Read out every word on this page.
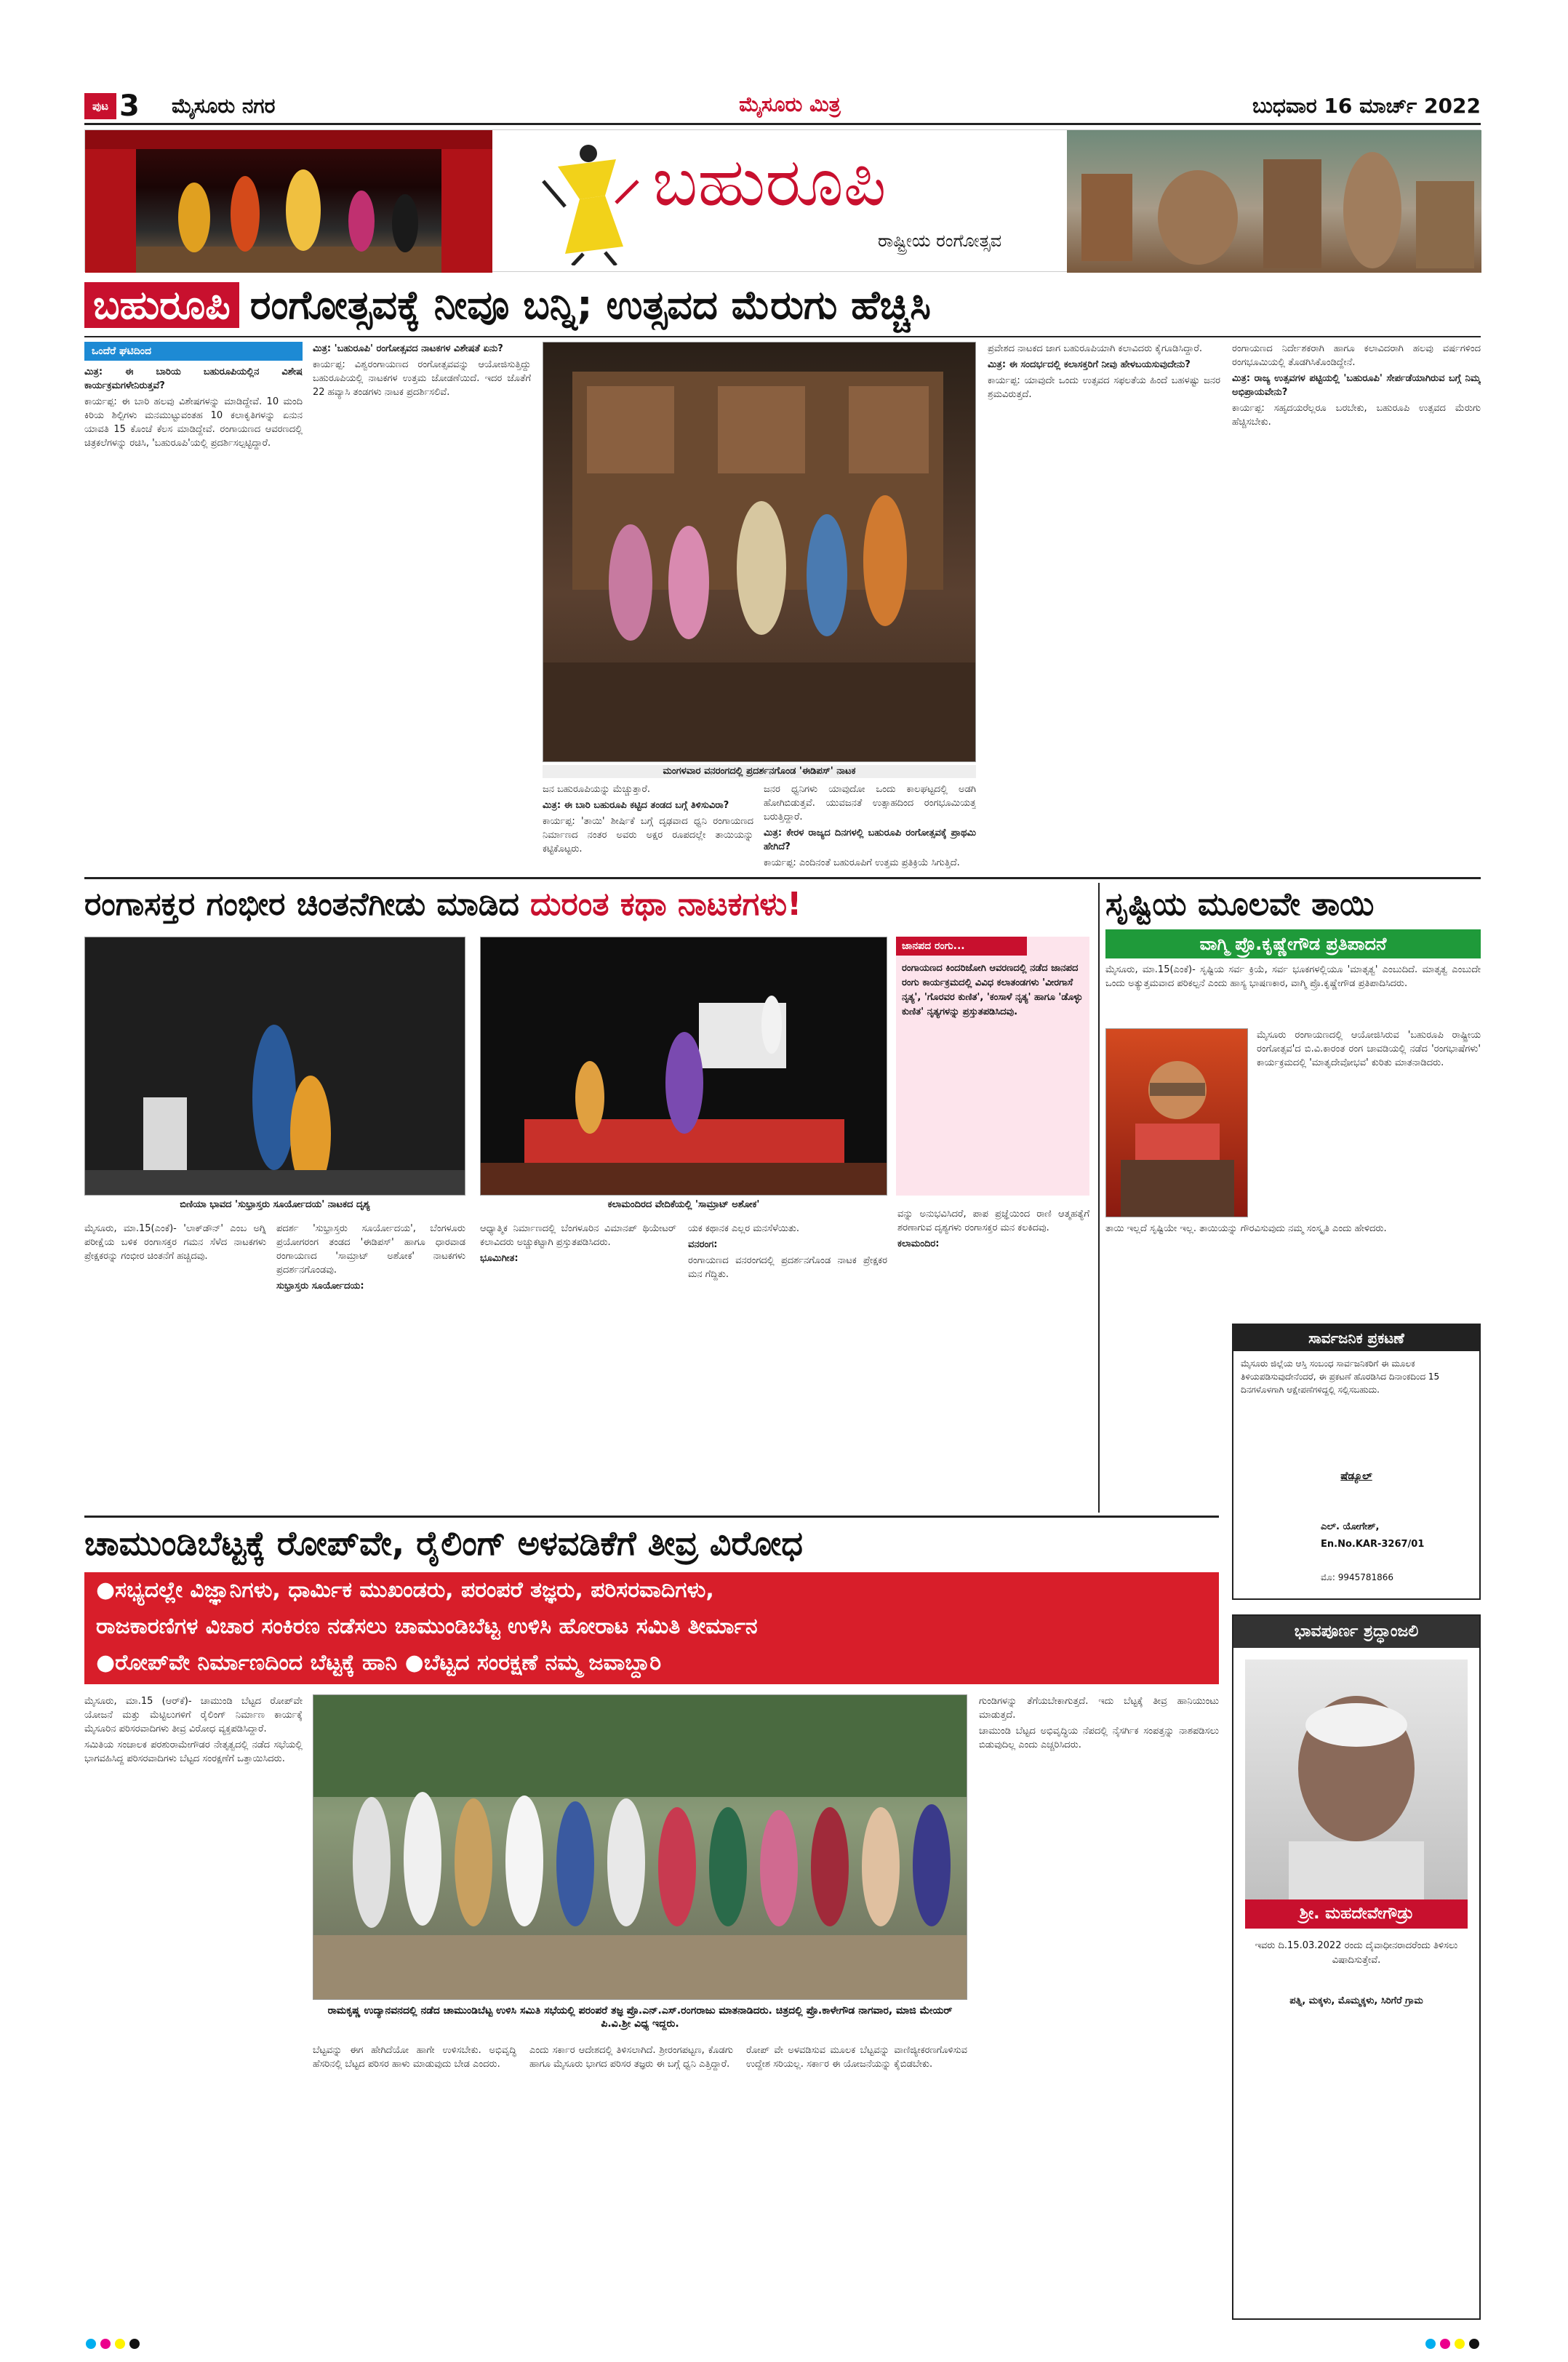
ಪುಟ 3	ಮೈಸೂರು ನಗರ	ಮೈಸೂರು ಮಿತ್ರ	ಬುಧವಾರ 16 ಮಾರ್ಚ್ 2022
ಬಹುರೂಪಿ
ರಾಷ್ಟ್ರೀಯ ರಂಗೋತ್ಸವ
ಬಹುರೂಪಿ ರಂಗೋತ್ಸವಕ್ಕೆ ನೀವೂ ಬನ್ನಿ; ಉತ್ಸವದ ಮೆರುಗು ಹೆಚ್ಚಿಸಿ
ಒಂದೆರೆ ಘಟಿದಿಂದ

ಮಿತ್ರ: ಈ ಬಾರಿಯ ಬಹುರೂಪಿಯಲ್ಲಿನ ವಿಶೇಷ ಕಾರ್ಯಕ್ರಮಗಳೇನಿರುತ್ತವೆ?

ಕಾರ್ಯಪ್ಪ: ಈ ಬಾರಿ ಹಲವು ವಿಶೇಷಗಳನ್ನು ಮಾಡಿದ್ದೇವೆ. 10 ಮಂದಿ ಕಿರಿಯ ಶಿಲ್ಪಿಗಳು ಮನಮುಟ್ಟುವಂತಹ 10 ಕಲಾಕೃತಿಗಳನ್ನು ಏನುನ ಯಾವತಿ 15 ಕೊಂಚೆ ಕೆಲಸ ಮಾಡಿದ್ದೇವೆ. ರಂಗಾಯಣದ ಆವರಣದಲ್ಲಿ ಚಿತ್ರಕಲೆಗಳನ್ನು ರಚಿಸಿ, 'ಬಹುರೂಪಿ'ಯಲ್ಲಿ ಪ್ರದರ್ಶಿಸಲ್ಪಟ್ಟಿದ್ದಾರೆ.

ಮಿತ್ರ: 'ಬಹುರೂಪಿ' ರಂಗೋತ್ಸವದ ನಾಟಕಗಳ ವಿಶೇಷತೆ ಏನು?

ಕಾರ್ಯಪ್ಪ: ವಿಶ್ವರಂಗಾಯಣದ ರಂಗೋತ್ಸವವನ್ನು ಆಯೋಜಿಸುತ್ತಿದ್ದು ಬಹುರೂಪಿಯಲ್ಲಿ ನಾಟಕಗಳ ಉತ್ತಮ ಜೋಡಣೆಯಿದೆ. ಇದರ ಜೊತೆಗೆ 22 ಹವ್ಯಾಸಿ ತಂಡಗಳು ನಾಟಕ ಪ್ರದರ್ಶಿಸಲಿವೆ.

ಮಂಗಳವಾರ ವನರಂಗದಲ್ಲಿ ಪ್ರದರ್ಶನಗೊಂಡ 'ಈಡಿಪಸ್' ನಾಟಕ

ಜನ ಬಹುರೂಪಿಯನ್ನು ಮೆಚ್ಚುತ್ತಾರೆ.

ಮಿತ್ರ: ಈ ಬಾರಿ ಬಹುರೂಪಿ ಕಟ್ಟಿದ ತಂಡದ ಬಗ್ಗೆ ತಿಳಿಸುವಿರಾ?

ಕಾರ್ಯಪ್ಪ: 'ತಾಯಿ' ಶೀರ್ಷಿಕೆ ಬಗ್ಗೆ ದೃಢವಾದ ಧ್ವನಿ ರಂಗಾಯಣದ ನಿರ್ಮಾಣದ ನಂತರ ಅವರು ಅಕ್ಷರ ರೂಪದಲ್ಲೇ ತಾಯಿಯನ್ನು ಕಟ್ಟಿಕೊಟ್ಟರು.

ಜನರ ಧ್ವನಿಗಳು ಯಾವುದೋ ಒಂದು ಕಾಲಘಟ್ಟದಲ್ಲಿ ಅಡಗಿ ಹೋಗಿಬಿಡುತ್ತವೆ. ಯುವಜನತೆ ಉತ್ಸಾಹದಿಂದ ರಂಗಭೂಮಿಯತ್ತ ಬರುತ್ತಿದ್ದಾರೆ.

ಮಿತ್ರ: ಕೇರಳ ರಾಜ್ಯದ ದಿನಗಳಲ್ಲಿ ಬಹುರೂಪಿ ರಂಗೋತ್ಸವಕ್ಕೆ ಪ್ರಾಥಮಿ ಹೇಗಿದೆ?

ಕಾರ್ಯಪ್ಪ: ಎಂದಿನಂತೆ ಬಹುರೂಪಿಗೆ ಉತ್ತಮ ಪ್ರತಿಕ್ರಿಯೆ ಸಿಗುತ್ತಿದೆ.

ಪ್ರವೇಶದ ನಾಟಕದ ಜಾಗ ಬಹುರೂಪಿಯಾಗಿ ಕಲಾವಿದರು ಕೈಗೂಡಿಸಿದ್ದಾರೆ.

ಮಿತ್ರ: ಈ ಸಂದರ್ಭದಲ್ಲಿ ಕಲಾಸಕ್ತರಿಗೆ ನೀವು ಹೇಳಬಯಸುವುದೇನು?

ಕಾರ್ಯಪ್ಪ: ಯಾವುದೇ ಒಂದು ಉತ್ಸವದ ಸಫಲತೆಯ ಹಿಂದೆ ಬಹಳಷ್ಟು ಜನರ ಶ್ರಮವಿರುತ್ತದೆ.

ರಂಗಾಯಣದ ನಿರ್ದೇಶಕರಾಗಿ ಹಾಗೂ ಕಲಾವಿದರಾಗಿ ಹಲವು ವರ್ಷಗಳಿಂದ ರಂಗಭೂಮಿಯಲ್ಲಿ ತೊಡಗಿಸಿಕೊಂಡಿದ್ದೇನೆ.

ಮಿತ್ರ: ರಾಜ್ಯ ಉತ್ಸವಗಳ ಪಟ್ಟಿಯಲ್ಲಿ 'ಬಹುರೂಪಿ' ಸೇರ್ಪಡೆಯಾಗಿರುವ ಬಗ್ಗೆ ನಿಮ್ಮ ಅಭಿಪ್ರಾಯವೇನು?

ಕಾರ್ಯಪ್ಪ: ಸಹೃದಯರೆಲ್ಲರೂ ಬರಬೇಕು, ಬಹುರೂಪಿ ಉತ್ಸವದ ಮೆರುಗು ಹೆಚ್ಚಿಸಬೇಕು.

ರಂಗಾಸಕ್ತರ ಗಂಭೀರ ಚಿಂತನೆಗೀಡು ಮಾಡಿದ ದುರಂತ ಕಥಾ ನಾಟಕಗಳು!
ಬಿಣಿಯಾ ಭಾವದ 'ಸುಭ್ರಾಸ್ತರು ಸೂರ್ಯೋದಯ' ನಾಟಕದ ದೃಶ್ಯ	ಕಲಾಮಂದಿರದ ವೇದಿಕೆಯಲ್ಲಿ 'ಸಾಮ್ರಾಟ್ ಅಶೋಕ'
ಜಾನಪದ ರಂಗು...
ರಂಗಾಯಣದ ಕಿಂದರಿಜೋಗಿ ಆವರಣದಲ್ಲಿ ನಡೆದ ಜಾನಪದ ರಂಗು ಕಾರ್ಯಕ್ರಮದಲ್ಲಿ ವಿವಿಧ ಕಲಾತಂಡಗಳು 'ವೀರಗಾಸೆ ನೃತ್ಯ', 'ಗೊರವರ ಕುಣಿತ', 'ಕಂಸಾಳೆ ನೃತ್ಯ' ಹಾಗೂ 'ಡೊಳ್ಳು ಕುಣಿತ' ನೃತ್ಯಗಳನ್ನು ಪ್ರಸ್ತುತಪಡಿಸಿದವು.

ಮೈಸೂರು, ಮಾ.15(ಎಂಕೆ)- 'ಲಾಕ್‌ಡೌನ್' ಎಂಬ ಅಗ್ನಿ ಪರೀಕ್ಷೆಯ ಬಳಿಕ ರಂಗಾಸಕ್ತರ ಗಮನ ಸೆಳೆದ ನಾಟಕಗಳು ಪ್ರೇಕ್ಷಕರನ್ನು ಗಂಭೀರ ಚಿಂತನೆಗೆ ಹಚ್ಚಿದವು.

ಪದರ್ಶ 'ಸುಭ್ರಾಸ್ತರು ಸೂರ್ಯೋದಯ', ಬೆಂಗಳೂರು ಪ್ರಯೋಗರಂಗ ತಂಡದ 'ಈಡಿಪಸ್' ಹಾಗೂ ಧಾರವಾಡ ರಂಗಾಯಣದ 'ಸಾಮ್ರಾಟ್ ಅಶೋಕ' ನಾಟಕಗಳು ಪ್ರದರ್ಶನಗೊಂಡವು.

ಸುಭ್ರಾಸ್ತರು ಸೂರ್ಯೋದಯ:

ಆಧ್ಯಾತ್ಮಿಕ ನಿರ್ಮಾಣದಲ್ಲಿ ಬೆಂಗಳೂರಿನ ವಿಮಾನಪ್ ಥಿಯೇಟರ್ ಕಲಾವಿದರು ಅಚ್ಚುಕಟ್ಟಾಗಿ ಪ್ರಸ್ತುತಪಡಿಸಿದರು.

ಭೂಮಿಗೀತ:

ಯಕ ಕಥಾನಕ ಎಲ್ಲರ ಮನಸೆಳೆಯಿತು.

ವನರಂಗ:

ರಂಗಾಯಣದ ವನರಂಗದಲ್ಲಿ ಪ್ರದರ್ಶನಗೊಂಡ ನಾಟಕ ಪ್ರೇಕ್ಷಕರ ಮನ ಗೆದ್ದಿತು.

ವನ್ನು ಅನುಭವಿಸಿದರೆ, ಪಾಪ ಪ್ರಜ್ಞೆಯಿಂದ ರಾಣಿ ಆತ್ಮಹತ್ಯೆಗೆ ಶರಣಾಗುವ ದೃಶ್ಯಗಳು ರಂಗಾಸಕ್ತರ ಮನ ಕಲಕಿದವು.

ಕಲಾಮಂದಿರ:

ಸೃಷ್ಟಿಯ ಮೂಲವೇ ತಾಯಿ
ವಾಗ್ಮಿ ಪ್ರೊ.ಕೃಷ್ಣೇಗೌಡ ಪ್ರತಿಪಾದನೆ

ಮೈಸೂರು, ಮಾ.15(ಎಂಕೆ)- ಸೃಷ್ಟಿಯ ಸರ್ವ ಕ್ರಿಯೆ, ಸರ್ವ ಭೂಕಗಳಲ್ಲಿಯೂ 'ಮಾತೃತ್ವ' ಎಂಬುದಿದೆ. ಮಾತೃತ್ವ ಎಂಬುದೇ ಒಂದು ಅತ್ಯುತ್ತಮವಾದ ಪರಿಕಲ್ಪನೆ ಎಂದು ಹಾಸ್ಯ ಭಾಷಣಕಾರ, ವಾಗ್ಮಿ ಪ್ರೊ.ಕೃಷ್ಣೇಗೌಡ ಪ್ರತಿಪಾದಿಸಿದರು.

ಮೈಸೂರು ರಂಗಾಯಣದಲ್ಲಿ ಆಯೋಜಿಸಿರುವ 'ಬಹುರೂಪಿ ರಾಷ್ಟ್ರೀಯ ರಂಗೋತ್ಸವ'ದ ಬಿ.ವಿ.ಕಾರಂತ ರಂಗ ಚಾವಡಿಯಲ್ಲಿ ನಡೆದ 'ರಂಗಭಾಷೆಗಳು' ಕಾರ್ಯಕ್ರಮದಲ್ಲಿ 'ಮಾತೃದೇವೋಭವ' ಕುರಿತು ಮಾತನಾಡಿದರು.

ತಾಯಿ ಇಲ್ಲದೆ ಸೃಷ್ಟಿಯೇ ಇಲ್ಲ. ತಾಯಿಯನ್ನು ಗೌರವಿಸುವುದು ನಮ್ಮ ಸಂಸ್ಕೃತಿ ಎಂದು ಹೇಳಿದರು.

ಸಾರ್ವಜನಿಕ ಪ್ರಕಟಣೆ
ಮೈಸೂರು ಜಿಲ್ಲೆಯ ಆಸ್ತಿ ಸಂಬಂಧ ಸಾರ್ವಜನಿಕರಿಗೆ ಈ ಮೂಲಕ ತಿಳಿಯಪಡಿಸುವುದೇನೆಂದರೆ, ಈ ಪ್ರಕಟಣೆ ಹೊರಡಿಸಿದ ದಿನಾಂಕದಿಂದ 15 ದಿನಗಳೊಳಗಾಗಿ ಆಕ್ಷೇಪಣೆಗಳಿದ್ದಲ್ಲಿ ಸಲ್ಲಿಸಬಹುದು.
ಷೆಡ್ಯೂಲ್
ಎಲ್. ಯೋಗೇಶ್,
En.No.KAR-3267/01
ಮೊ: 9945781866
ಚಾಮುಂಡಿಬೆಟ್ಟಕ್ಕೆ ರೋಪ್‌ವೇ, ರೈಲಿಂಗ್ ಅಳವಡಿಕೆಗೆ ತೀವ್ರ ವಿರೋಧ
●ಸಭ್ಯದಲ್ಲೇ ವಿಜ್ಞಾನಿಗಳು, ಧಾರ್ಮಿಕ ಮುಖಂಡರು, ಪರಂಪರೆ ತಜ್ಞರು, ಪರಿಸರವಾದಿಗಳು,
ರಾಜಕಾರಣಿಗಳ ವಿಚಾರ ಸಂಕಿರಣ ನಡೆಸಲು ಚಾಮುಂಡಿಬೆಟ್ಟ ಉಳಿಸಿ ಹೋರಾಟ ಸಮಿತಿ ತೀರ್ಮಾನ
●ರೋಪ್‌ವೇ ನಿರ್ಮಾಣದಿಂದ ಬೆಟ್ಟಕ್ಕೆ ಹಾನಿ ●ಬೆಟ್ಟದ ಸಂರಕ್ಷಣೆ ನಮ್ಮ ಜವಾಬ್ದಾರಿ

ಮೈಸೂರು, ಮಾ.15 (ಆರ್‌ಕೆ)- ಚಾಮುಂಡಿ ಬೆಟ್ಟದ ರೋಪ್‌ವೇ ಯೋಜನೆ ಮತ್ತು ಮೆಟ್ಟಿಲುಗಳಿಗೆ ರೈಲಿಂಗ್ ನಿರ್ಮಾಣ ಕಾರ್ಯಕ್ಕೆ ಮೈಸೂರಿನ ಪರಿಸರವಾದಿಗಳು ತೀವ್ರ ವಿರೋಧ ವ್ಯಕ್ತಪಡಿಸಿದ್ದಾರೆ.

ಸಮಿತಿಯ ಸಂಚಾಲಕ ಪರಶುರಾಮೇಗೌಡರ ನೇತೃತ್ವದಲ್ಲಿ ನಡೆದ ಸಭೆಯಲ್ಲಿ ಭಾಗವಹಿಸಿದ್ದ ಪರಿಸರವಾದಿಗಳು ಬೆಟ್ಟದ ಸಂರಕ್ಷಣೆಗೆ ಒತ್ತಾಯಿಸಿದರು.

ರಾಮಕೃಷ್ಣ ಉದ್ಯಾನವನದಲ್ಲಿ ನಡೆದ ಚಾಮುಂಡಿಬೆಟ್ಟ ಉಳಿಸಿ ಸಮಿತಿ ಸಭೆಯಲ್ಲಿ ಪರಂಪರೆ ತಜ್ಞ ಪ್ರೊ.ಎನ್.ಎಸ್.ರಂಗರಾಜು ಮಾತನಾಡಿದರು. ಚಿತ್ರದಲ್ಲಿ ಪ್ರೊ.ಕಾಳೇಗೌಡ ನಾಗವಾರ, ಮಾಜಿ ಮೇಯರ್ ಪಿ.ವಿ.ಶ್ರೀ ವಿಧ್ಯ ಇದ್ದರು.

ಬೆಟ್ಟವನ್ನು ಈಗ ಹೇಗಿದೆಯೋ ಹಾಗೇ ಉಳಿಸಬೇಕು. ಅಭಿವೃದ್ಧಿ ಹೆಸರಿನಲ್ಲಿ ಬೆಟ್ಟದ ಪರಿಸರ ಹಾಳು ಮಾಡುವುದು ಬೇಡ ಎಂದರು.

ಎಂದು ಸರ್ಕಾರ ಆದೇಶದಲ್ಲಿ ತಿಳಿಸಲಾಗಿದೆ. ಶ್ರೀರಂಗಪಟ್ಟಣ, ಕೊಡಗು ಹಾಗೂ ಮೈಸೂರು ಭಾಗದ ಪರಿಸರ ತಜ್ಞರು ಈ ಬಗ್ಗೆ ಧ್ವನಿ ಎತ್ತಿದ್ದಾರೆ.

ರೋಪ್ ವೇ ಅಳವಡಿಸುವ ಮೂಲಕ ಬೆಟ್ಟವನ್ನು ವಾಣಿಜ್ಯೀಕರಣಗೊಳಿಸುವ ಉದ್ದೇಶ ಸರಿಯಲ್ಲ. ಸರ್ಕಾರ ಈ ಯೋಜನೆಯನ್ನು ಕೈಬಿಡಬೇಕು.

ಗುಂಡಿಗಳನ್ನು ತೆಗೆಯಬೇಕಾಗುತ್ತದೆ. ಇದು ಬೆಟ್ಟಕ್ಕೆ ತೀವ್ರ ಹಾನಿಯುಂಟು ಮಾಡುತ್ತದೆ.

ಚಾಮುಂಡಿ ಬೆಟ್ಟದ ಅಭಿವೃದ್ಧಿಯ ನೆಪದಲ್ಲಿ ನೈಸರ್ಗಿಕ ಸಂಪತ್ತನ್ನು ನಾಶಪಡಿಸಲು ಬಿಡುವುದಿಲ್ಲ ಎಂದು ಎಚ್ಚರಿಸಿದರು.

ಭಾವಪೂರ್ಣ ಶ್ರದ್ಧಾಂಜಲಿ
ಶ್ರೀ. ಮಹದೇವೇಗೌಡ್ರು
ಇವರು ದಿ.15.03.2022 ರಂದು ದೈವಾಧೀನರಾದರೆಂದು ತಿಳಿಸಲು ವಿಷಾದಿಸುತ್ತೇವೆ.
ಪತ್ನಿ, ಮಕ್ಕಳು, ಮೊಮ್ಮಕ್ಕಳು, ಸಿರಿಗೆರೆ ಗ್ರಾಮ
